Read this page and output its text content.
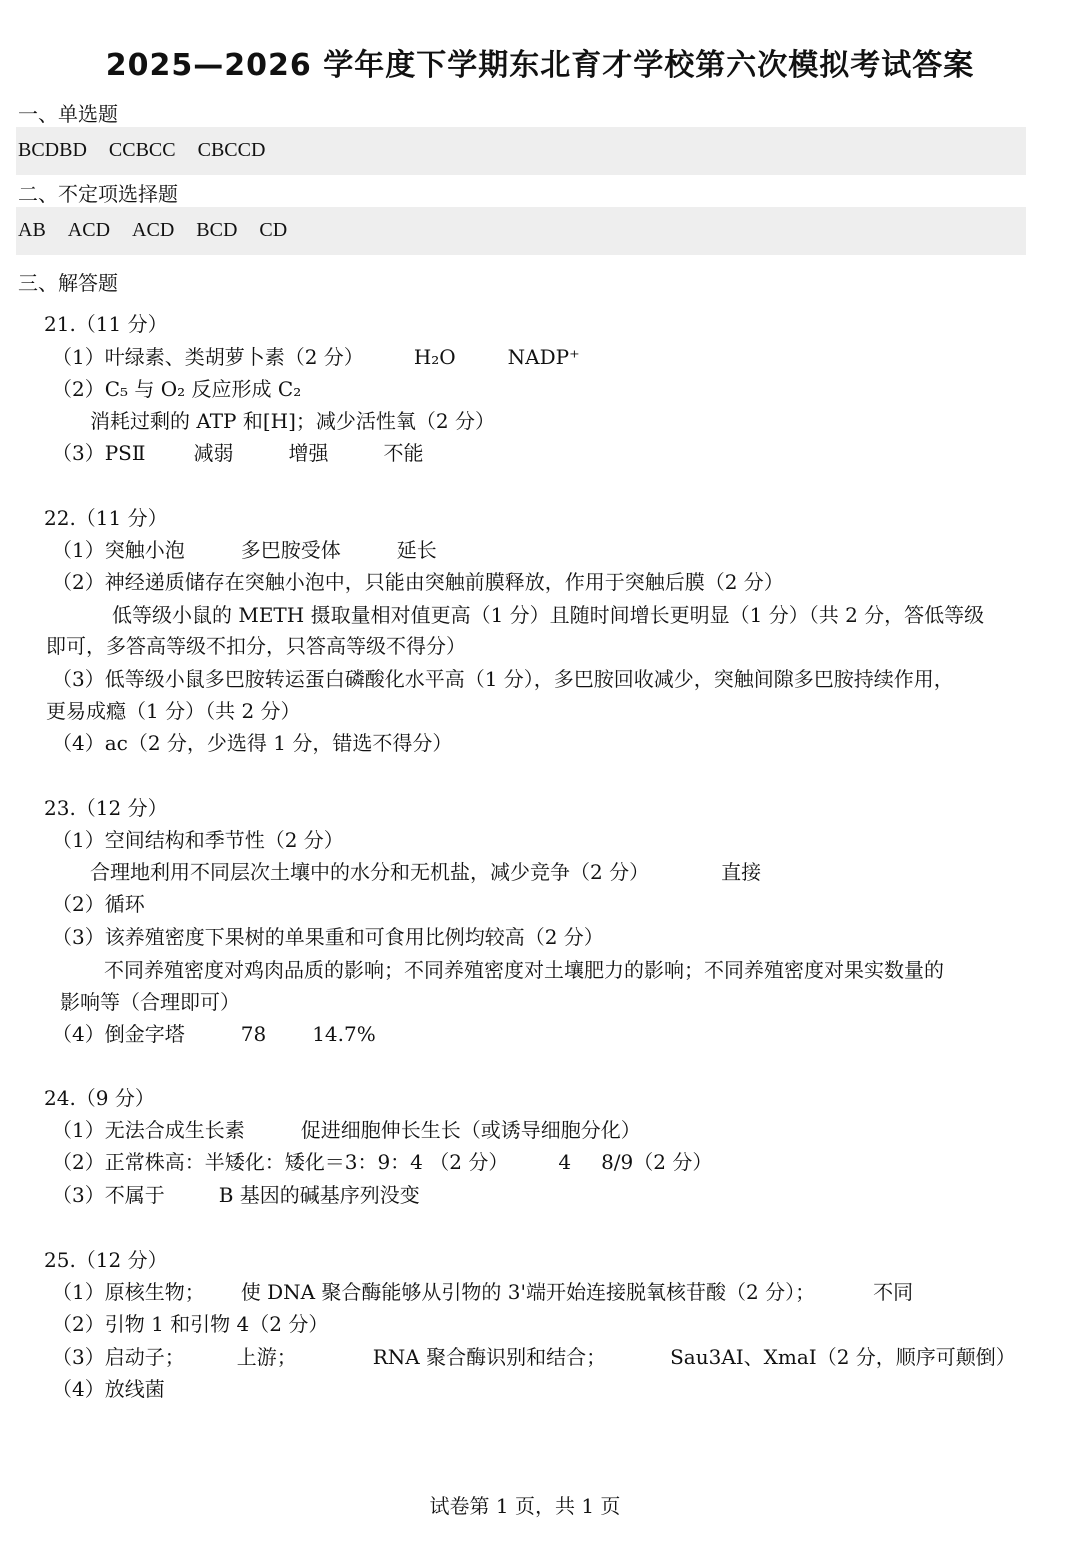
2025—2026 学年度下学期东北育才学校第六次模拟考试答案
一、单选题
BCDBD CCBCC CBCCD
二、不定项选择题
AB ACD ACD BCD CD
三、解答题
21.（11 分）
（1）叶绿素、类胡萝卜素（2 分）	H₂O	NADP⁺
（2）C₅ 与 O₂ 反应形成 C₂
消耗过剩的 ATP 和[H]；减少活性氧（2 分）
（3）PSⅡ 减弱	增强	不能
22.（11 分）
（1）突触小泡	多巴胺受体	延长
（2）神经递质储存在突触小泡中，只能由突触前膜释放，作用于突触后膜（2 分）
低等级小鼠的 METH 摄取量相对值更高（1 分）且随时间增长更明显（1 分）（共 2 分，答低等级
即可，多答高等级不扣分，只答高等级不得分）
（3）低等级小鼠多巴胺转运蛋白磷酸化水平高（1 分），多巴胺回收减少，突触间隙多巴胺持续作用，
更易成瘾（1 分）（共 2 分）
（4）ac（2 分，少选得 1 分，错选不得分）
23.（12 分）
（1）空间结构和季节性（2 分）
合理地利用不同层次土壤中的水分和无机盐，减少竞争（2 分）	直接
（2）循环
（3）该养殖密度下果树的单果重和可食用比例均较高（2 分）
不同养殖密度对鸡肉品质的影响；不同养殖密度对土壤肥力的影响；不同养殖密度对果实数量的
影响等（合理即可）
（4）倒金字塔	78 14.7%
24.（9 分）
（1）无法合成生长素	促进细胞伸长生长（或诱导细胞分化）
（2）正常株高：半矮化：矮化＝3：9：4 （2 分）	4 8/9（2 分）
（3）不属于	B 基因的碱基序列没变
25.（12 分）
（1）原核生物； 使 DNA 聚合酶能够从引物的 3'端开始连接脱氧核苷酸（2 分）；	不同
（2）引物 1 和引物 4（2 分）
（3）启动子；	上游；	RNA 聚合酶识别和结合；	Sau3AⅠ、XmaI（2 分，顺序可颠倒）
（4）放线菌
试卷第 1 页，共 1 页
